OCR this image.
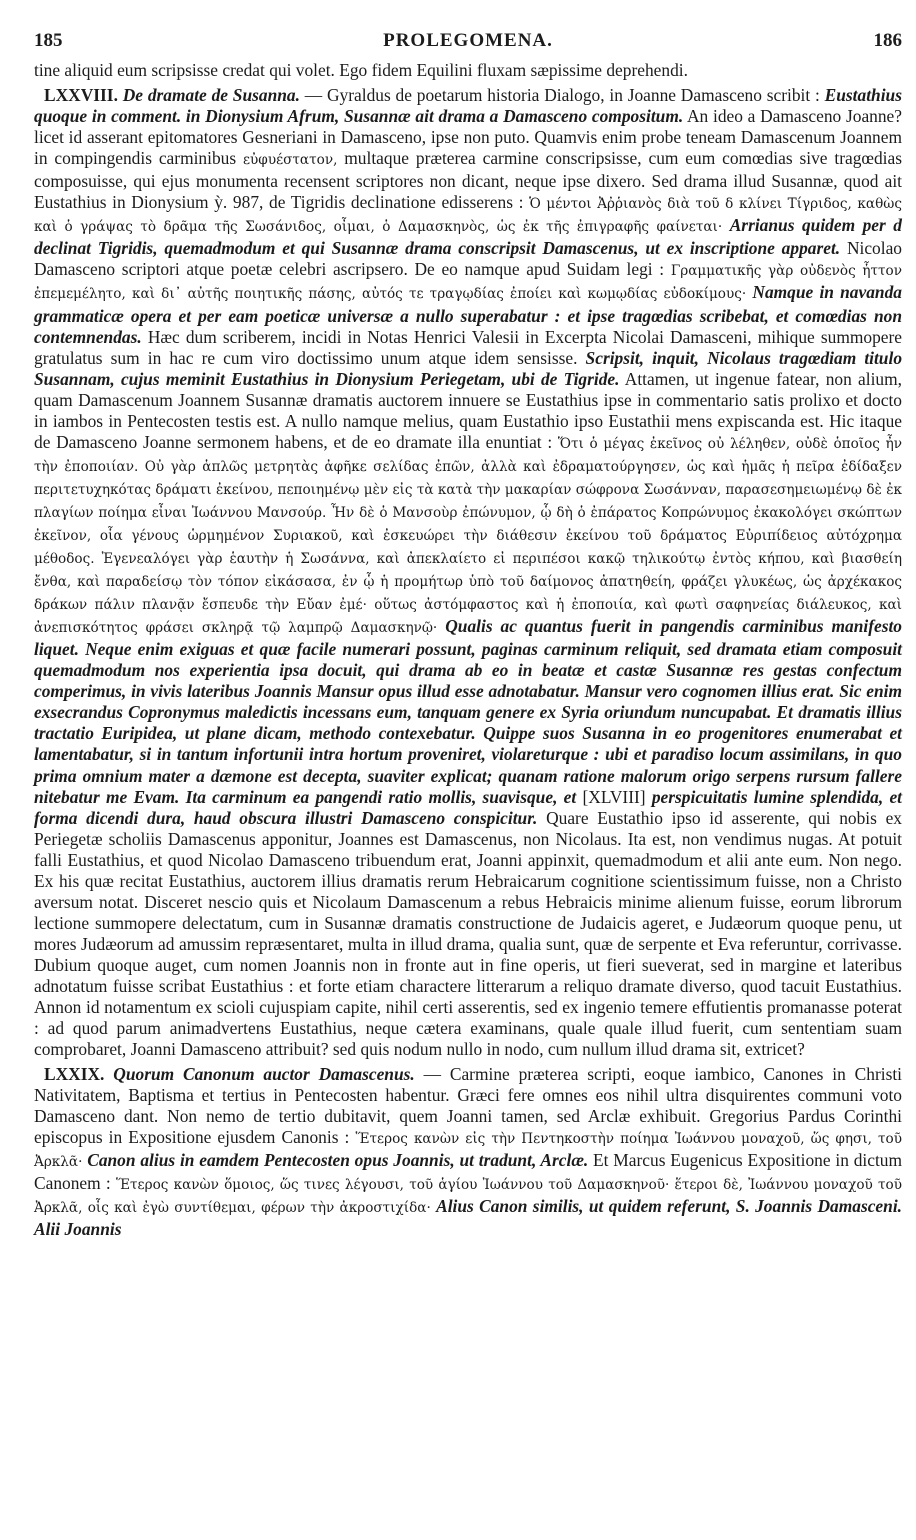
185	PROLEGOMENA.	186

tine aliquid eum scripsisse credat qui volet. Ego fidem Equilini fluxam sæpissime deprehendi.

LXXVIII. De dramate de Susanna. — Gyraldus de poetarum historia Dialogo, in Joanne Damasceno scribit : Eustathius quoque in comment. in Dionysium Afrum, Susannæ ait drama a Damasceno compositum. An ideo a Damasceno Joanne? licet id asserant epitomatores Gesneriani in Damasceno, ipse non puto. Quamvis enim probe teneam Damascenum Joannem in compingendis carminibus εὐφυέστατον, multaque præterea carmine conscripsisse, cum eum comœdias sive tragœdias composuisse, qui ejus monumenta recensent scriptores non dicant, neque ipse dixero. Sed drama illud Susannæ, quod ait Eustathius in Dionysium ỳ. 987, de Tigridis declinatione edisserens : Ὁ μέντοι Ἀῤῥιανὸς διὰ τοῦ δ κλίνει Τίγριδος, καθὼς καὶ ὁ γράψας τὸ δρᾶμα τῆς Σωσάνιδος, οἶμαι, ὁ Δαμασκηνὸς, ὡς ἐκ τῆς ἐπιγραφῆς φαίνεται· Arrianus quidem per d declinat Tigridis, quemadmodum et qui Susannæ drama conscripsit Damascenus, ut ex inscriptione apparet. Nicolao Damasceno scriptori atque poetæ celebri ascripsero. De eo namque apud Suidam legi : Γραμματικῆς γὰρ οὐδενὸς ἧττον ἐπεμεμέλητο, καὶ δι᾿ αὐτῆς ποιητικῆς πάσης, αὐτός τε τραγῳδίας ἐποίει καὶ κωμῳδίας εὐδοκίμους· Namque in navanda grammaticæ opera et per eam poeticæ universæ a nullo superabatur : et ipse tragœdias scribebat, et comœdias non contemnendas. Hæc dum scriberem, incidi in Notas Henrici Valesii in Excerpta Nicolai Damasceni, mihique summopere gratulatus sum in hac re cum viro doctissimo unum atque idem sensisse. Scripsit, inquit, Nicolaus tragœdiam titulo Susannam, cujus meminit Eustathius in Dionysium Periegetam, ubi de Tigride. Attamen, ut ingenue fatear, non alium, quam Damascenum Joannem Susannæ dramatis auctorem innuere se Eustathius ipse in commentario satis prolixo et docto in iambos in Pentecosten testis est. A nullo namque melius, quam Eustathio ipso Eustathii mens expiscanda est. Hic itaque de Damasceno Joanne sermonem habens, et de eo dramate illa enuntiat : Ὅτι ὁ μέγας ἐκεῖνος οὐ λέληθεν, οὐδὲ ὁποῖος ἦν τὴν ἐποποιίαν. Οὐ γὰρ ἁπλῶς μετρητὰς ἀφῆκε σελίδας ἐπῶν, ἀλλὰ καὶ ἐδραματούργησεν, ὡς καὶ ἡμᾶς ἡ πεῖρα ἐδίδαξεν περιτετυχηκότας δράματι ἐκείνου, πεποιημένῳ μὲν εἰς τὰ κατὰ τὴν μακαρίαν σώφρονα Σωσάνναν, παρασεσημειωμένῳ δὲ ἐκ πλαγίων ποίημα εἶναι Ἰωάννου Μανσούρ. Ἦν δὲ ὁ Μανσοὺρ ἐπώνυμον, ᾧ δὴ ὁ ἐπάρατος Κοπρώνυμος ἐκακολόγει σκώπτων ἐκεῖνον, οἷα γένους ὡρμημένον Συριακοῦ, καὶ ἐσκευώρει τὴν διάθεσιν ἐκείνου τοῦ δράματος Εὐριπίδειος αὐτόχρημα μέθοδος. Ἐγενεαλόγει γὰρ ἑαυτὴν ἡ Σωσάννα, καὶ ἀπεκλαίετο εἰ περιπέσοι κακῷ τηλικούτῳ ἐντὸς κήπου, καὶ βιασθείη ἔνθα, καὶ παραδείσῳ τὸν τόπον εἰκάσασα, ἐν ᾧ ἡ προμήτωρ ὑπὸ τοῦ δαίμονος ἀπατηθείη, φράζει γλυκέως, ὡς ἀρχέκακος δράκων πάλιν πλανᾷν ἔσπευδε τὴν Εὔαν ἐμέ· οὕτως ἀστόμφαστος καὶ ἡ ἐποποιία, καὶ φωτὶ σαφηνείας διάλευκος, καὶ ἀνεπισκότητος φράσει σκληρᾷ τῷ λαμπρῷ Δαμασκηνῷ· Qualis ac quantus fuerit in pangendis carminibus manifesto liquet. Neque enim exiguas et quæ facile numerari possunt, paginas carminum reliquit, sed dramata etiam composuit quemadmodum nos experientia ipsa docuit, qui drama ab eo in beatæ et castæ Susannæ res gestas confectum comperimus, in vivis lateribus Joannis Mansur opus illud esse adnotabatur. Mansur vero cognomen illius erat. Sic enim exsecrandus Copronymus maledictis incessans eum, tanquam genere ex Syria oriundum nuncupabat. Et dramatis illius tractatio Euripidea, ut plane dicam, methodo contexebatur. Quippe suos Susanna in eo progenitores enumerabat et lamentabatur, si in tantum infortunii intra hortum proveniret, violareturque : ubi et paradiso locum assimilans, in quo prima omnium mater a dæmone est decepta, suaviter explicat; quanam ratione malorum origo serpens rursum fallere nitebatur me Evam. Ita carminum ea pangendi ratio mollis, suavisque, et [XLVIII] perspicuitatis lumine splendida, et forma dicendi dura, haud obscura illustri Damasceno conspicitur. Quare Eustathio ipso id asserente, qui nobis ex Periegetæ scholiis Damascenus apponitur, Joannes est Damascenus, non Nicolaus. Ita est, non vendimus nugas. At potuit falli Eustathius, et quod Nicolao Damasceno tribuendum erat, Joanni appinxit, quemadmodum et alii ante eum. Non nego. Ex his quæ recitat Eustathius, auctorem illius dramatis rerum Hebraicarum cognitione scientissimum fuisse, non a Christo aversum notat. Disceret nescio quis et Nicolaum Damascenum a rebus Hebraicis minime alienum fuisse, eorum librorum lectione summopere delectatum, cum in Susannæ dramatis constructione de Judaicis ageret, e Judæorum quoque penu, ut mores Judæorum ad amussim repræsentaret, multa in illud drama, qualia sunt, quæ de serpente et Eva referuntur, corrivasse. Dubium quoque auget, cum nomen Joannis non in fronte aut in fine operis, ut fieri sueverat, sed in margine et lateribus adnotatum fuisse scribat Eustathius : et forte etiam charactere litterarum a reliquo dramate diverso, quod tacuit Eustathius. Annon id notamentum ex scioli cujuspiam capite, nihil certi asserentis, sed ex ingenio temere effutientis promanasse poterat : ad quod parum animadvertens Eustathius, neque cætera examinans, quale quale illud fuerit, cum sententiam suam comprobaret, Joanni Damasceno attribuit? sed quis nodum nullo in nodo, cum nullum illud drama sit, extricet?

LXXIX. Quorum Canonum auctor Damascenus. — Carmine præterea scripti, eoque iambico, Canones in Christi Nativitatem, Baptisma et tertius in Pentecosten habentur. Græci fere omnes eos nihil ultra disquirentes communi voto Damasceno dant. Non nemo de tertio dubitavit, quem Joanni tamen, sed Arclæ exhibuit. Gregorius Pardus Corinthi episcopus in Expositione ejusdem Canonis : Ἕτερος κανὼν εἰς τὴν Πεντηκοστὴν ποίημα Ἰωάννου μοναχοῦ, ὥς φησι, τοῦ Ἀρκλᾶ· Canon alius in eamdem Pentecosten opus Joannis, ut tradunt, Arclæ. Et Marcus Eugenicus Expositione in dictum Canonem : Ἕτερος κανὼν ὅμοιος, ὥς τινες λέγουσι, τοῦ ἁγίου Ἰωάννου τοῦ Δαμασκηνοῦ· ἕτεροι δὲ, Ἰωάννου μοναχοῦ τοῦ Ἀρκλᾶ, οἷς καὶ ἐγὼ συντίθεμαι, φέρων τὴν ἀκροστιχίδα· Alius Canon similis, ut quidem referunt, S. Joannis Damasceni. Alii Joannis
